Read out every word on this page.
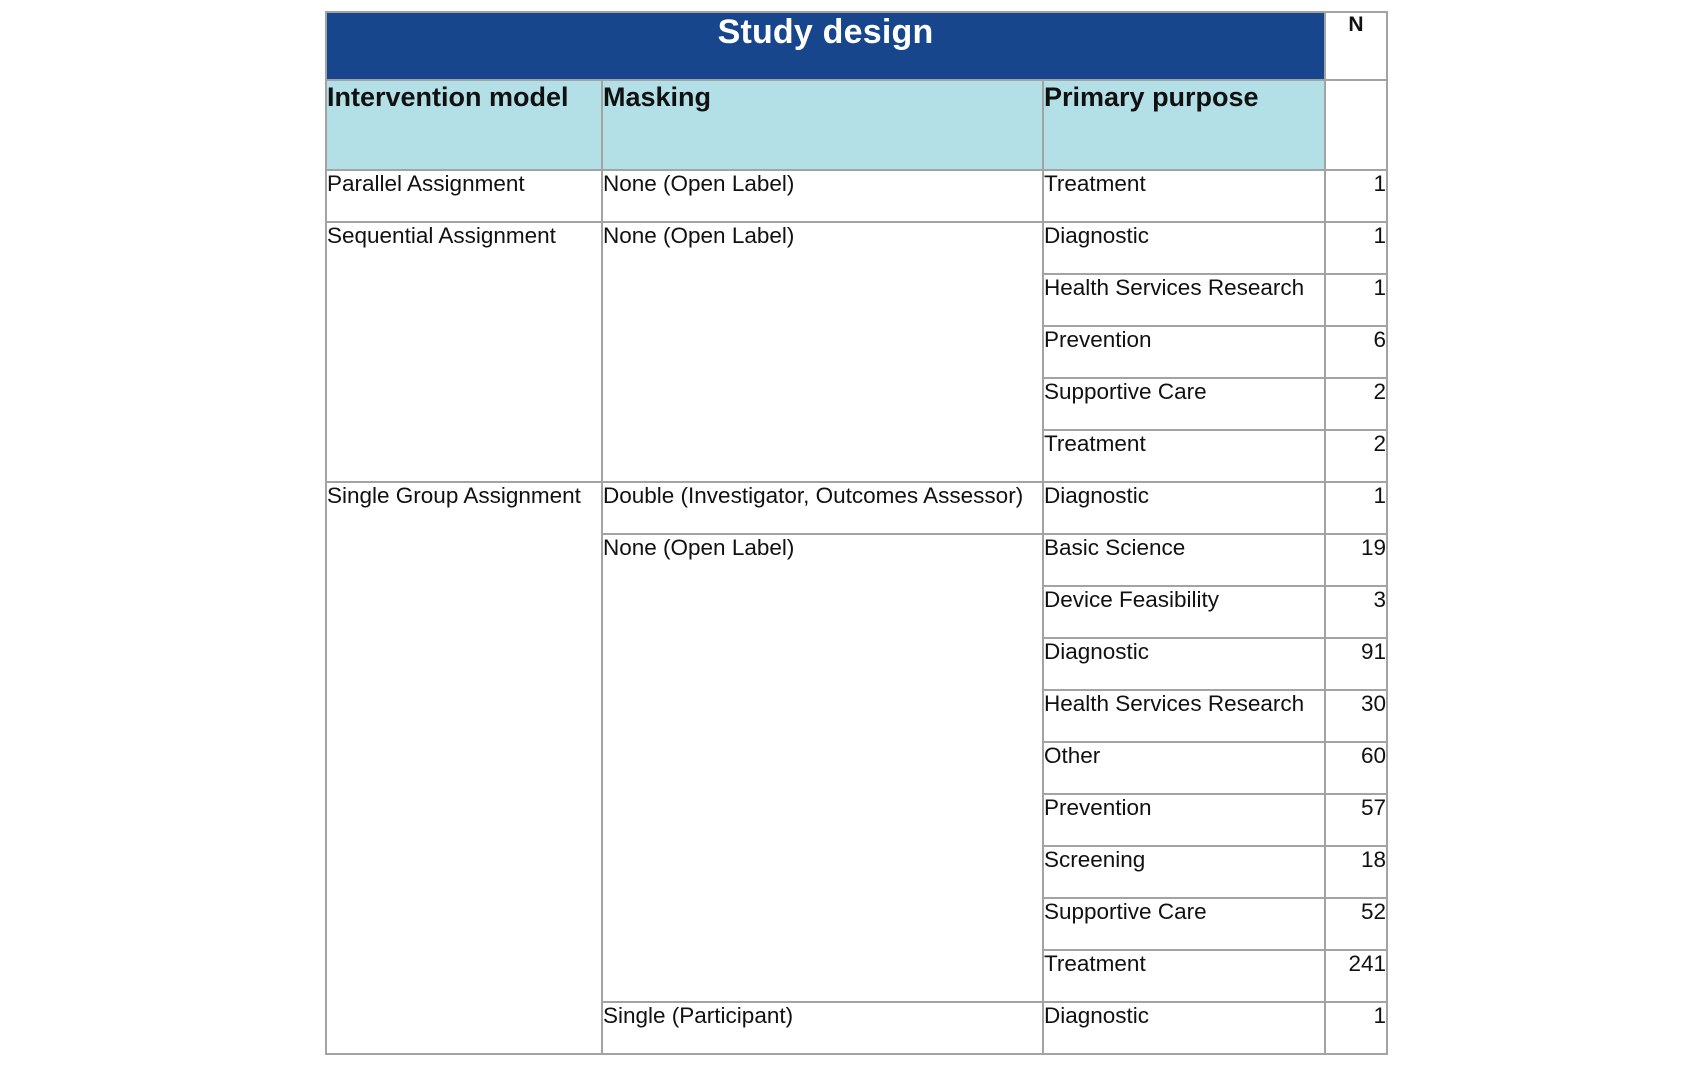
Study design			N
Intervention model	Masking	Primary purpose	
Parallel Assignment	None (Open Label)	Treatment	1
Sequential Assignment	None (Open Label)	Diagnostic	1
		Health Services Research	1
		Prevention	6
		Supportive Care	2
		Treatment	2
Single Group Assignment	Double (Investigator, Outcomes Assessor)	Diagnostic	1
	None (Open Label)	Basic Science	19
		Device Feasibility	3
		Diagnostic	91
		Health Services Research	30
		Other	60
		Prevention	57
		Screening	18
		Supportive Care	52
		Treatment	241
	Single (Participant)	Diagnostic	1
